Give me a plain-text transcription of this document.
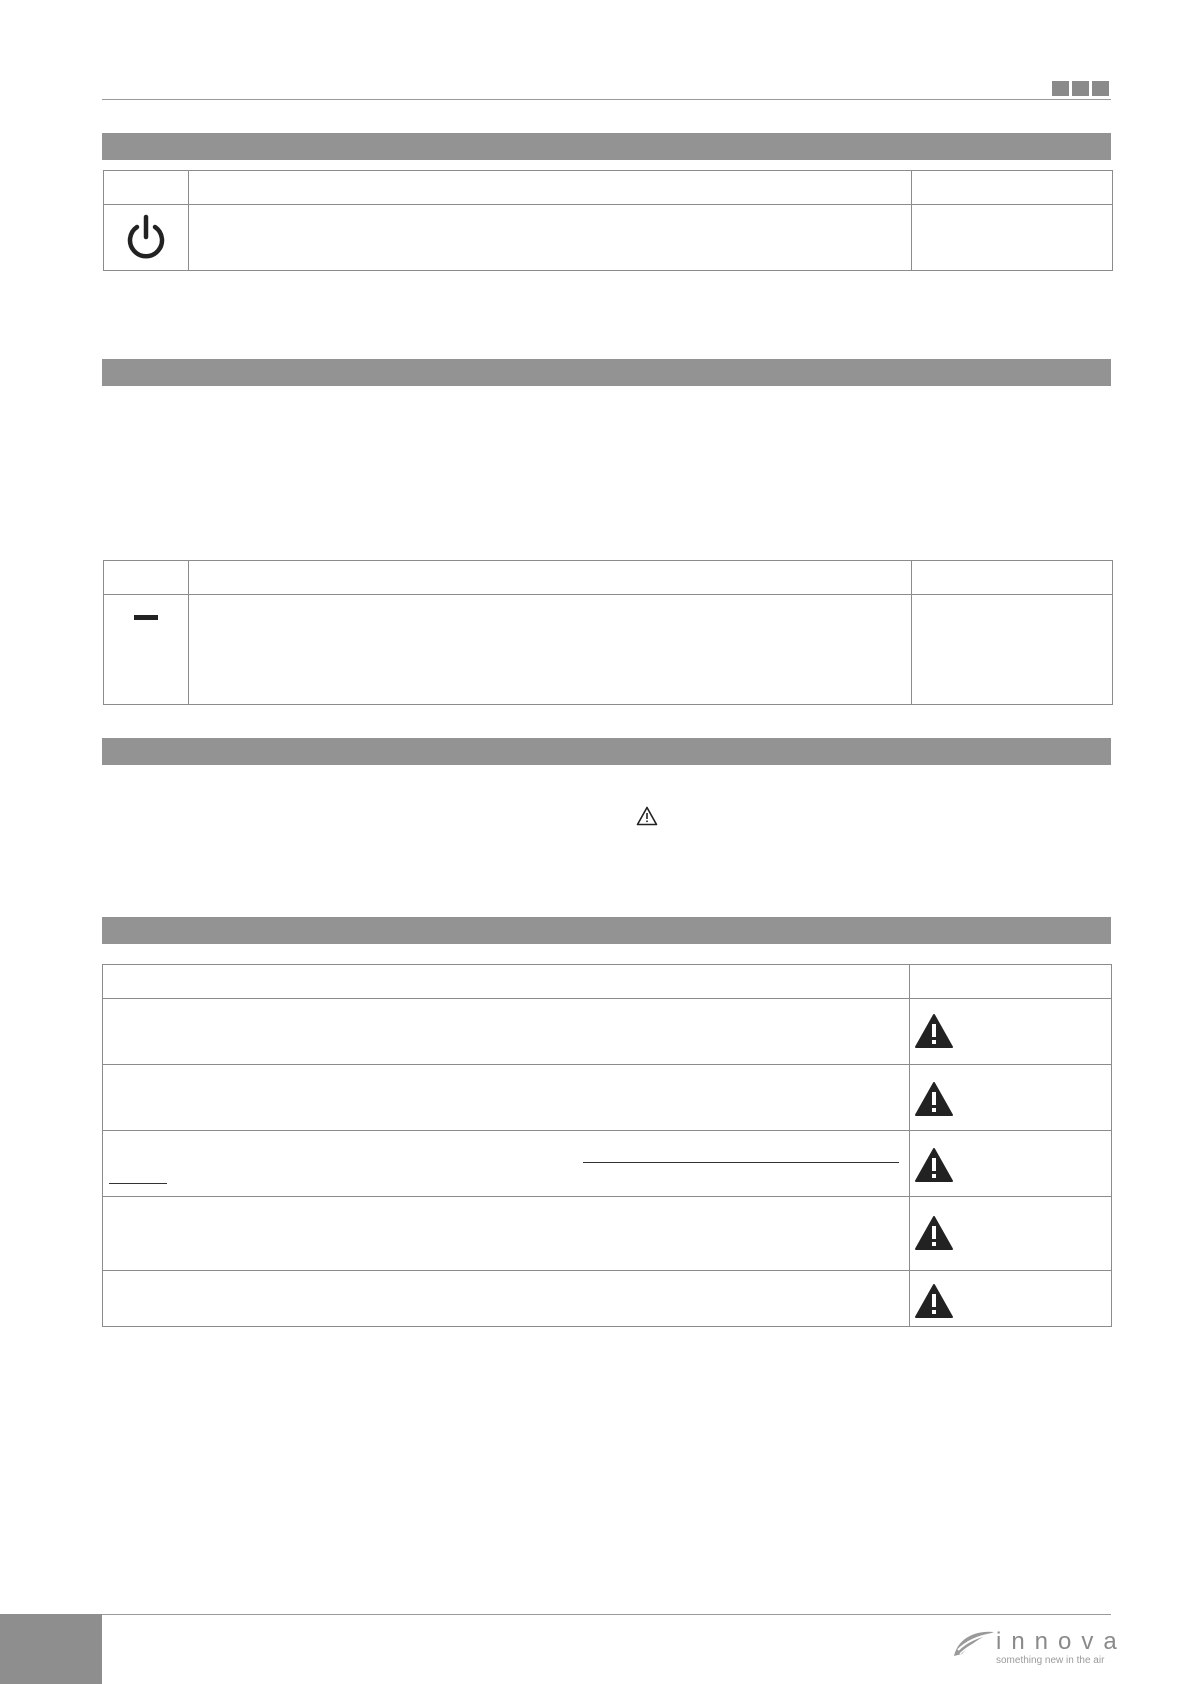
innova
something new in the air
